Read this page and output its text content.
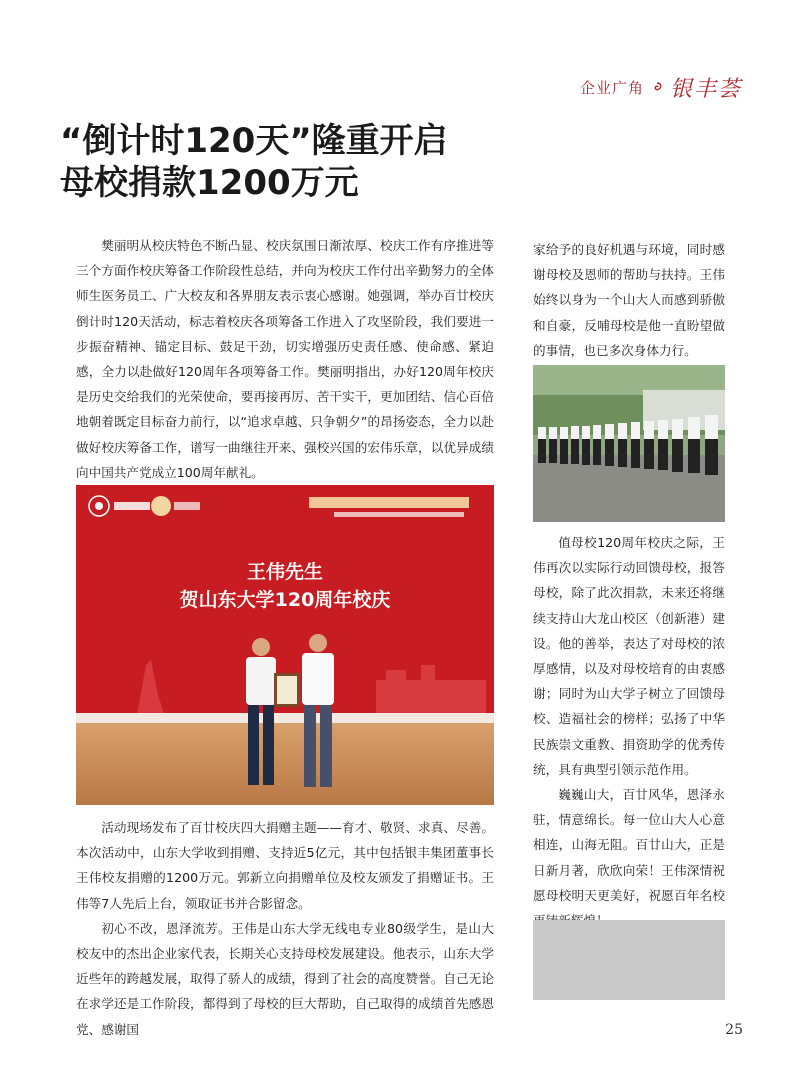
企业广角 银丰荟
“倒计时120天”隆重开启
母校捐款1200万元

樊丽明从校庆特色不断凸显、校庆氛围日渐浓厚、校庆工作有序推进等三个方面作校庆筹备工作阶段性总结，并向为校庆工作付出辛勤努力的全体师生医务员工、广大校友和各界朋友表示衷心感谢。她强调，举办百廿校庆倒计时120天活动，标志着校庆各项筹备工作进入了攻坚阶段，我们要进一步振奋精神、锚定目标、鼓足干劲，切实增强历史责任感、使命感、紧迫感，全力以赴做好120周年各项筹备工作。樊丽明指出，办好120周年校庆是历史交给我们的光荣使命，要再接再厉、苦干实干，更加团结、信心百倍地朝着既定目标奋力前行，以“追求卓越、只争朝夕”的昂扬姿态，全力以赴做好校庆筹备工作，谱写一曲继往开来、强校兴国的宏伟乐章，以优异成绩向中国共产党成立100周年献礼。

王伟先生
贺山东大学120周年校庆

活动现场发布了百廿校庆四大捐赠主题——育才、敬贤、求真、尽善。本次活动中，山东大学收到捐赠、支持近5亿元，其中包括银丰集团董事长王伟校友捐赠的1200万元。郭新立向捐赠单位及校友颁发了捐赠证书。王伟等7人先后上台，领取证书并合影留念。

初心不改，恩泽流芳。王伟是山东大学无线电专业80级学生，是山大校友中的杰出企业家代表，长期关心支持母校发展建设。他表示，山东大学近些年的跨越发展，取得了骄人的成绩，得到了社会的高度赞誉。自己无论在求学还是工作阶段，都得到了母校的巨大帮助，自己取得的成绩首先感恩党、感谢国

家给予的良好机遇与环境，同时感谢母校及恩师的帮助与扶持。王伟始终以身为一个山大人而感到骄傲和自豪，反哺母校是他一直盼望做的事情，也已多次身体力行。

值母校120周年校庆之际，王伟再次以实际行动回馈母校，报答母校，除了此次捐款，未来还将继续支持山大龙山校区（创新港）建设。他的善举，表达了对母校的浓厚感情，以及对母校培育的由衷感谢；同时为山大学子树立了回馈母校、造福社会的榜样；弘扬了中华民族崇文重教、捐资助学的优秀传统，具有典型引领示范作用。

巍巍山大，百廿风华，恩泽永驻，情意绵长。每一位山大人心意相连，山海无阻。百廿山大，正是日新月著，欣欣向荣！王伟深情祝愿母校明天更美好，祝愿百年名校

25
